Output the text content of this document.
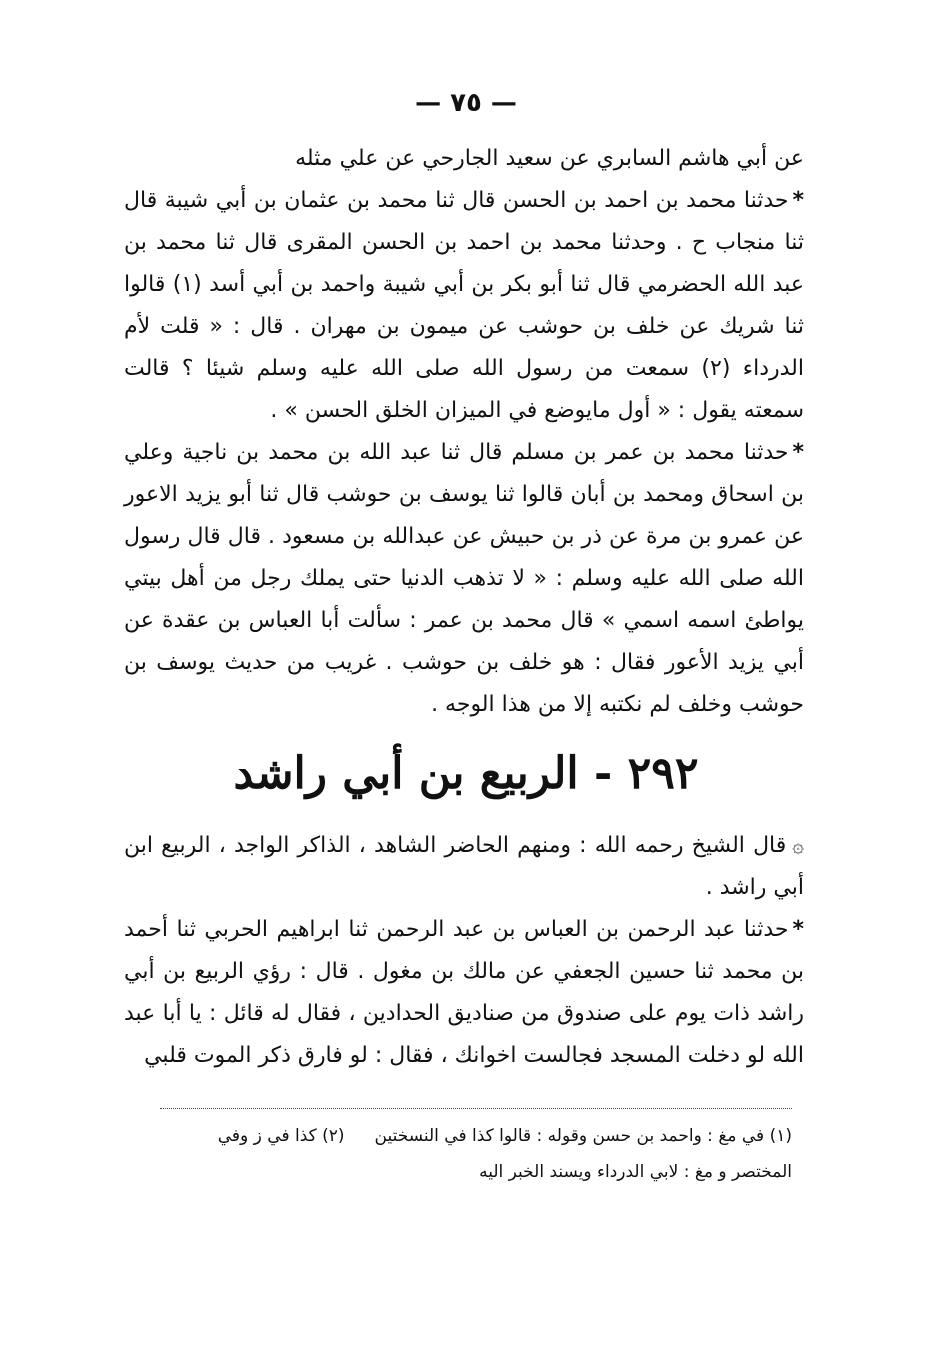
— ٧٥ —

عن أبي هاشم السابري عن سعيد الجارحي عن علي مثله

*حدثنا محمد بن احمد بن الحسن قال ثنا محمد بن عثمان بن أبي شيبة قال ثنا منجاب ح . وحدثنا محمد بن احمد بن الحسن المقرى قال ثنا محمد بن عبد الله الحضرمي قال ثنا أبو بكر بن أبي شيبة واحمد بن أبي أسد (١) قالوا ثنا شريك عن خلف بن حوشب عن ميمون بن مهران . قال : « قلت لأم الدرداء (٢) سمعت من رسول الله صلى الله عليه وسلم شيئا ؟ قالت سمعته يقول : « أول مايوضع في الميزان الخلق الحسن » .

*حدثنا محمد بن عمر بن مسلم قال ثنا عبد الله بن محمد بن ناجية وعلي بن اسحاق ومحمد بن أبان قالوا ثنا يوسف بن حوشب قال ثنا أبو يزيد الاعور عن عمرو بن مرة عن ذر بن حبيش عن عبدالله بن مسعود . قال قال رسول الله صلى الله عليه وسلم : « لا تذهب الدنيا حتى يملك رجل من أهل بيتي يواطئ اسمه اسمي » قال محمد بن عمر : سألت أبا العباس بن عقدة عن أبي يزيد الأعور فقال : هو خلف بن حوشب . غريب من حديث يوسف بن حوشب وخلف لم نكتبه إلا من هذا الوجه .

٢٩٢ - الربيع بن أبي راشد

۞قال الشيخ رحمه الله : ومنهم الحاضر الشاهد ، الذاكر الواجد ، الربيع ابن أبي راشد .

*حدثنا عبد الرحمن بن العباس بن عبد الرحمن ثنا ابراهيم الحربي ثنا أحمد بن محمد ثنا حسين الجعفي عن مالك بن مغول . قال : رؤي الربيع بن أبي راشد ذات يوم على صندوق من صناديق الحدادين ، فقال له قائل : يا أبا عبد الله لو دخلت المسجد فجالست اخوانك ، فقال : لو فارق ذكر الموت قلبي

(١) في مغ : واحمد بن حسن وقوله : قالوا كذا في النسختين(٢) كذا في ز وفي

المختصر و مغ : لابي الدرداء ويسند الخبر اليه
